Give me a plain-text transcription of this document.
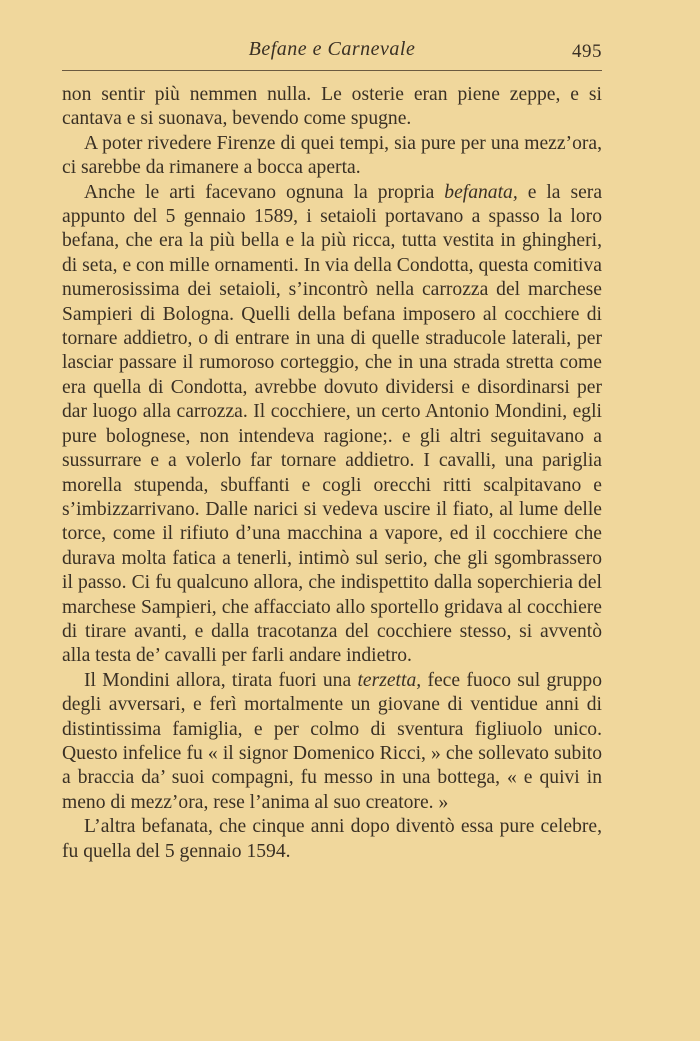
Befane e Carnevale	495

non sentir più nemmen nulla. Le osterie eran piene zeppe, e si cantava e si suonava, bevendo come spugne.

A poter rivedere Firenze di quei tempi, sia pure per una mezz’ora, ci sarebbe da rimanere a bocca aperta.

Anche le arti facevano ognuna la propria befanata, e la sera appunto del 5 gennaio 1589, i setaioli portavano a spasso la loro befana, che era la più bella e la più ricca, tutta vestita in ghingheri, di seta, e con mille ornamenti. In via della Condotta, questa comitiva numerosissima dei setaioli, s’incontrò nella carrozza del marchese Sampieri di Bologna. Quelli della befana imposero al cocchiere di tornare addietro, o di entrare in una di quelle straducole laterali, per lasciar passare il rumoroso corteggio, che in una strada stretta come era quella di Condotta, avrebbe dovuto dividersi e disordinarsi per dar luogo alla carrozza. Il cocchiere, un certo Antonio Mondini, egli pure bolognese, non intendeva ragione;. e gli altri seguitavano a sussurrare e a volerlo far tornare addietro. I cavalli, una pariglia morella stupenda, sbuffanti e cogli orecchi ritti scalpitavano e s’imbizzarrivano. Dalle narici si vedeva uscire il fiato, al lume delle torce, come il rifiuto d’una macchina a vapore, ed il cocchiere che durava molta fatica a tenerli, intimò sul serio, che gli sgombrassero il passo. Ci fu qualcuno allora, che indispettito dalla soperchieria del marchese Sampieri, che affacciato allo sportello gridava al cocchiere di tirare avanti, e dalla tracotanza del cocchiere stesso, si avventò alla testa de’ cavalli per farli andare indietro.

Il Mondini allora, tirata fuori una terzetta, fece fuoco sul gruppo degli avversari, e ferì mortalmente un giovane di ventidue anni di distintissima famiglia, e per colmo di sventura figliuolo unico. Questo infelice fu « il signor Domenico Ricci, » che sollevato subito a braccia da’ suoi compagni, fu messo in una bottega, « e quivi in meno di mezz’ora, rese l’anima al suo creatore. »

L’altra befanata, che cinque anni dopo diventò essa pure celebre, fu quella del 5 gennaio 1594.
